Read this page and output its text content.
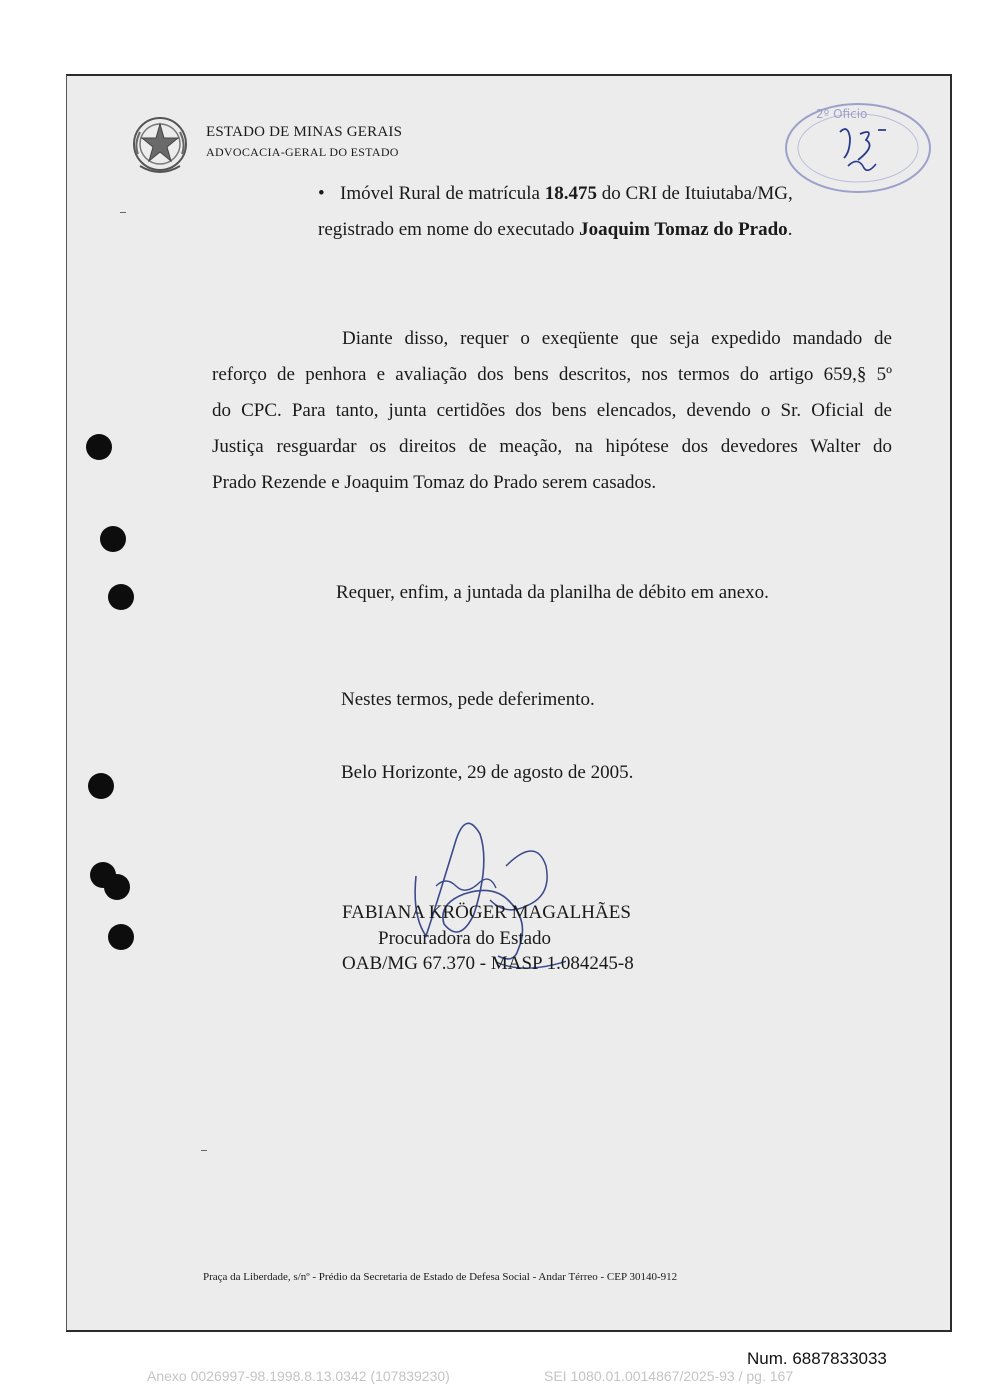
ESTADO DE MINAS GERAIS
ADVOCACIA-GERAL DO ESTADO
2º Oficio
• Imóvel Rural de matrícula 18.475 do CRI de Ituiutaba/MG,
registrado em nome do executado Joaquim Tomaz do Prado.
Diante disso, requer o exeqüente que seja expedido mandado de
reforço de penhora e avaliação dos bens descritos, nos termos do artigo 659,§ 5º
do CPC. Para tanto, junta certidões dos bens elencados, devendo o Sr. Oficial de
Justiça resguardar os direitos de meação, na hipótese dos devedores Walter do
Prado Rezende e Joaquim Tomaz do Prado serem casados.
Requer, enfim, a juntada da planilha de débito em anexo.
Nestes termos, pede deferimento.
Belo Horizonte, 29 de agosto de 2005.
FABIANA KRÖGER MAGALHÃES
Procuradora do Estado
OAB/MG 67.370 - MASP 1.084245-8
Praça da Liberdade, s/nº - Prédio da Secretaria de Estado de Defesa Social - Andar Térreo - CEP 30140-912
Num. 6887833033
Anexo 0026997-98.1998.8.13.0342 (107839230)	SEI 1080.01.0014867/2025-93 / pg. 167
